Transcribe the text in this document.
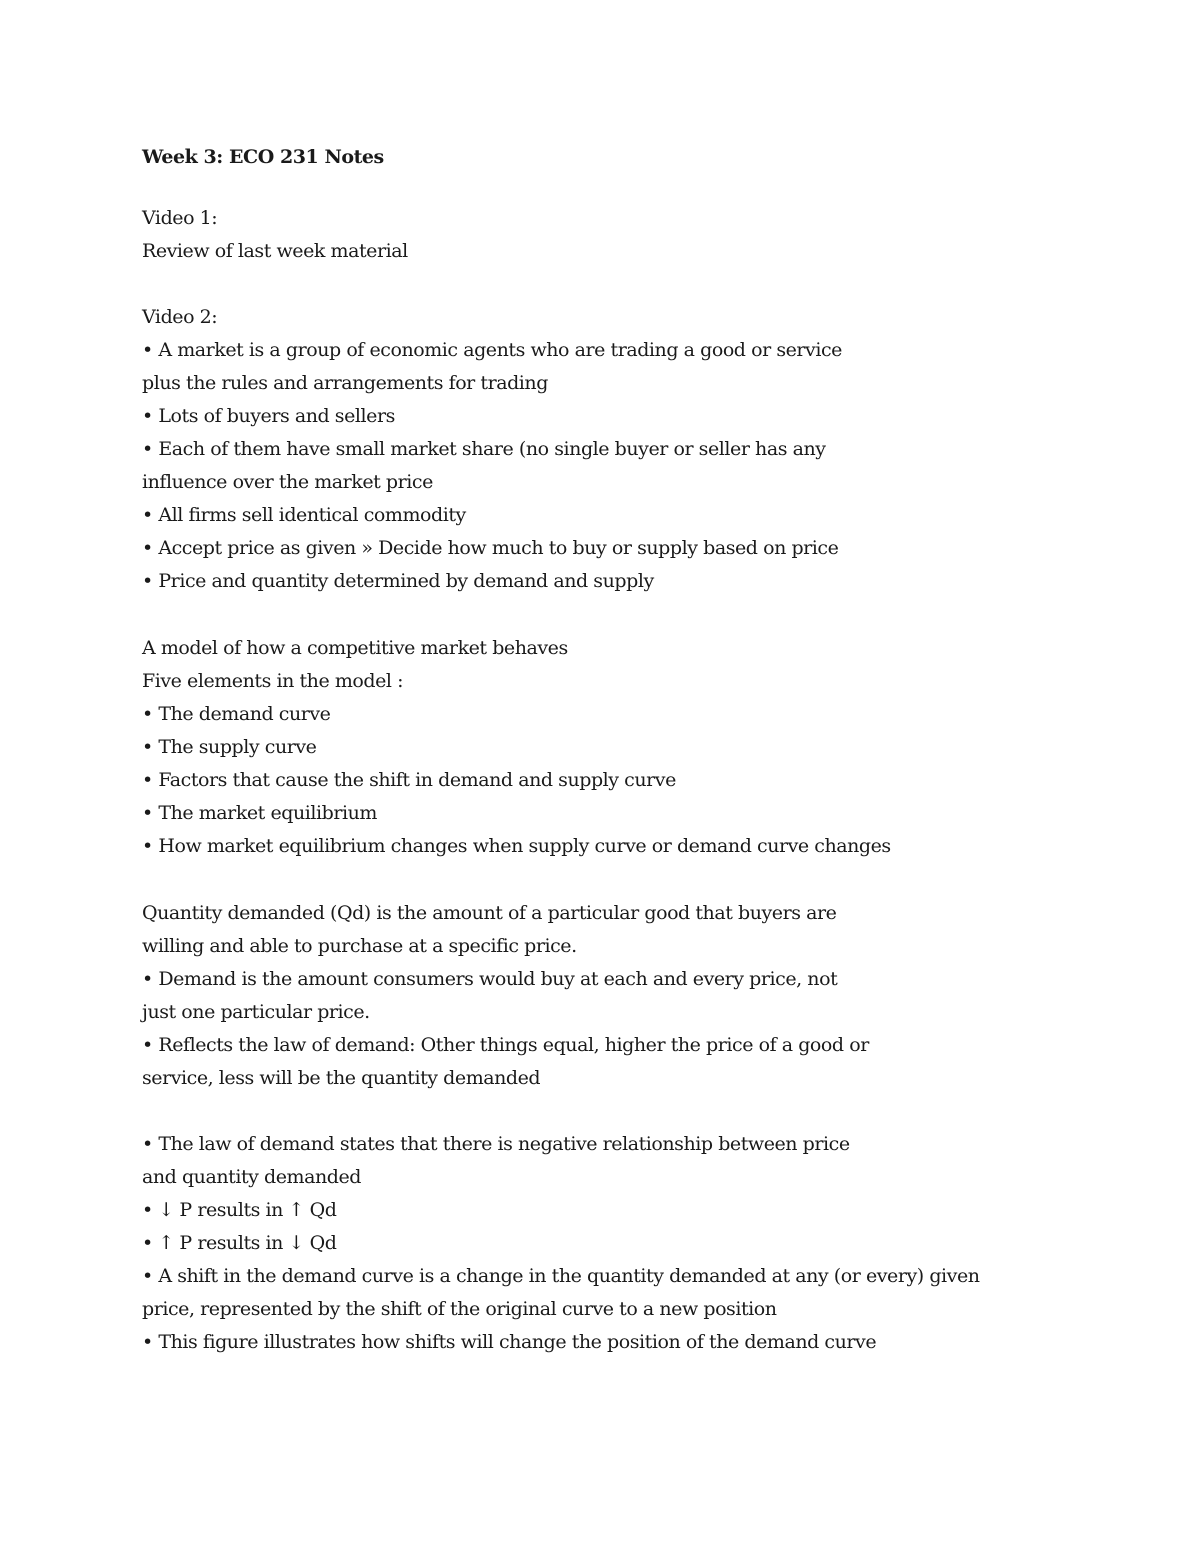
Week 3: ECO 231 Notes

Video 1:

Review of last week material

Video 2:

• A market is a group of economic agents who are trading a good or service

plus the rules and arrangements for trading

• Lots of buyers and sellers

• Each of them have small market share (no single buyer or seller has any

influence over the market price

• All firms sell identical commodity

• Accept price as given » Decide how much to buy or supply based on price

• Price and quantity determined by demand and supply

A model of how a competitive market behaves

Five elements in the model :

• The demand curve

• The supply curve

• Factors that cause the shift in demand and supply curve

• The market equilibrium

• How market equilibrium changes when supply curve or demand curve changes

Quantity demanded (Qd) is the amount of a particular good that buyers are

willing and able to purchase at a specific price.

• Demand is the amount consumers would buy at each and every price, not

just one particular price.

• Reflects the law of demand: Other things equal, higher the price of a good or

service, less will be the quantity demanded

• The law of demand states that there is negative relationship between price

and quantity demanded

• ↓ P results in ↑ Qd

• ↑ P results in ↓ Qd

• A shift in the demand curve is a change in the quantity demanded at any (or every) given

price, represented by the shift of the original curve to a new position

• This figure illustrates how shifts will change the position of the demand curve
